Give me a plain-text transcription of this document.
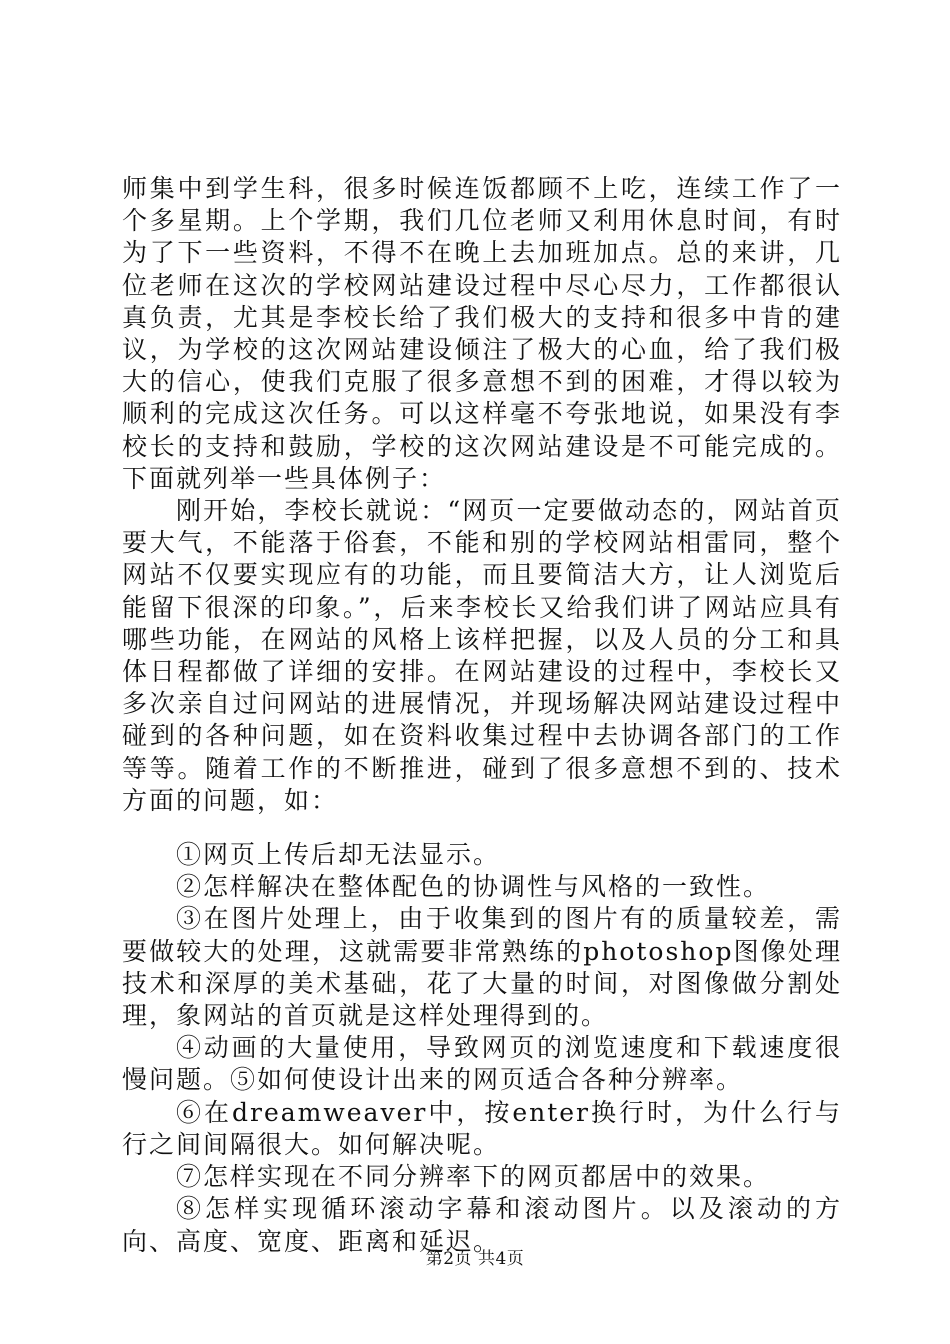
师集中到学生科，很多时候连饭都顾不上吃，连续工作了一个多星期。上个学期，我们几位老师又利用休息时间，有时为了下一些资料，不得不在晚上去加班加点。总的来讲，几位老师在这次的学校网站建设过程中尽心尽力，工作都很认真负责，尤其是李校长给了我们极大的支持和很多中肯的建议，为学校的这次网站建设倾注了极大的心血，给了我们极大的信心，使我们克服了很多意想不到的困难，才得以较为顺利的完成这次任务。可以这样毫不夸张地说，如果没有李校长的支持和鼓励，学校的这次网站建设是不可能完成的。下面就列举一些具体例子：

刚开始，李校长就说：“网页一定要做动态的，网站首页要大气，不能落于俗套，不能和别的学校网站相雷同，整个网站不仅要实现应有的功能，而且要简洁大方，让人浏览后能留下很深的印象。”，后来李校长又给我们讲了网站应具有哪些功能，在网站的风格上该样把握，以及人员的分工和具体日程都做了详细的安排。在网站建设的过程中，李校长又多次亲自过问网站的进展情况，并现场解决网站建设过程中碰到的各种问题，如在资料收集过程中去协调各部门的工作等等。随着工作的不断推进，碰到了很多意想不到的、技术方面的问题，如：

①网页上传后却无法显示。

②怎样解决在整体配色的协调性与风格的一致性。

③在图片处理上，由于收集到的图片有的质量较差，需要做较大的处理，这就需要非常熟练的photoshop图像处理技术和深厚的美术基础，花了大量的时间，对图像做分割处理，象网站的首页就是这样处理得到的。

④动画的大量使用，导致网页的浏览速度和下载速度很慢问题。⑤如何使设计出来的网页适合各种分辨率。

⑥在dreamweaver中，按enter换行时，为什么行与行之间间隔很大。如何解决呢。

⑦怎样实现在不同分辨率下的网页都居中的效果。

⑧怎样实现循环滚动字幕和滚动图片。以及滚动的方向、高度、宽度、距离和延迟。

第2页 共4页
